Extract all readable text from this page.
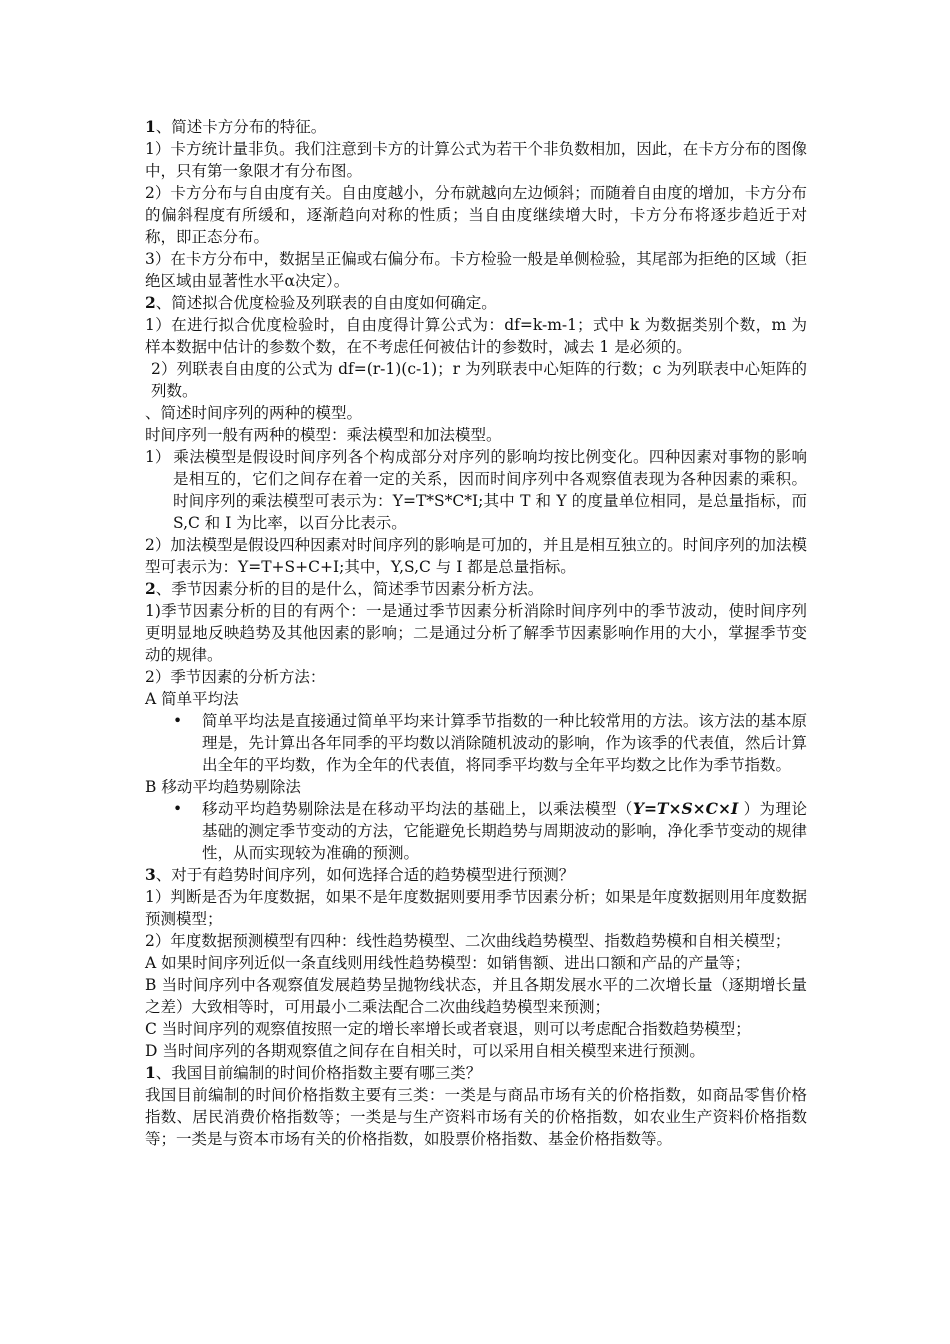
1、简述卡方分布的特征。

1）卡方统计量非负。我们注意到卡方的计算公式为若干个非负数相加，因此，在卡方分布的图像中，只有第一象限才有分布图。

2）卡方分布与自由度有关。自由度越小，分布就越向左边倾斜；而随着自由度的增加，卡方分布的偏斜程度有所缓和，逐渐趋向对称的性质；当自由度继续增大时，卡方分布将逐步趋近于对称，即正态分布。

3）在卡方分布中，数据呈正偏或右偏分布。卡方检验一般是单侧检验，其尾部为拒绝的区域（拒绝区域由显著性水平α决定）。

2、简述拟合优度检验及列联表的自由度如何确定。

1）在进行拟合优度检验时，自由度得计算公式为：df=k-m-1；式中 k 为数据类别个数，m 为样本数据中估计的参数个数，在不考虑任何被估计的参数时，减去 1 是必须的。

2）列联表自由度的公式为 df=(r-1)(c-1)；r 为列联表中心矩阵的行数；c 为列联表中心矩阵的列数。

、简述时间序列的两种的模型。

时间序列一般有两种的模型：乘法模型和加法模型。

1） 乘法模型是假设时间序列各个构成部分对序列的影响均按比例变化。四种因素对事物的影响是相互的，它们之间存在着一定的关系，因而时间序列中各观察值表现为各种因素的乘积。时间序列的乘法模型可表示为：Y=T*S*C*I;其中 T 和 Y 的度量单位相同，是总量指标，而 S,C 和 I 为比率，以百分比表示。

2）加法模型是假设四种因素对时间序列的影响是可加的，并且是相互独立的。时间序列的加法模型可表示为：Y=T+S+C+I;其中，Y,S,C 与 I 都是总量指标。

2、季节因素分析的目的是什么，简述季节因素分析方法。

1)季节因素分析的目的有两个：一是通过季节因素分析消除时间序列中的季节波动，使时间序列更明显地反映趋势及其他因素的影响；二是通过分析了解季节因素影响作用的大小，掌握季节变动的规律。

2）季节因素的分析方法：

A 简单平均法

• 简单平均法是直接通过简单平均来计算季节指数的一种比较常用的方法。该方法的基本原理是，先计算出各年同季的平均数以消除随机波动的影响，作为该季的代表值，然后计算出全年的平均数，作为全年的代表值，将同季平均数与全年平均数之比作为季节指数。

B 移动平均趋势剔除法

• 移动平均趋势剔除法是在移动平均法的基础上，以乘法模型（Y=T×S×C×I ）为理论基础的测定季节变动的方法，它能避免长期趋势与周期波动的影响，净化季节变动的规律性，从而实现较为准确的预测。

3、对于有趋势时间序列，如何选择合适的趋势模型进行预测？

1）判断是否为年度数据，如果不是年度数据则要用季节因素分析；如果是年度数据则用年度数据预测模型；

2）年度数据预测模型有四种：线性趋势模型、二次曲线趋势模型、指数趋势模和自相关模型；

A 如果时间序列近似一条直线则用线性趋势模型：如销售额、进出口额和产品的产量等；

B 当时间序列中各观察值发展趋势呈抛物线状态，并且各期发展水平的二次增长量（逐期增长量之差）大致相等时，可用最小二乘法配合二次曲线趋势模型来预测；

C 当时间序列的观察值按照一定的增长率增长或者衰退，则可以考虑配合指数趋势模型；

D 当时间序列的各期观察值之间存在自相关时，可以采用自相关模型来进行预测。

1、我国目前编制的时间价格指数主要有哪三类？

我国目前编制的时间价格指数主要有三类：一类是与商品市场有关的价格指数，如商品零售价格指数、居民消费价格指数等；一类是与生产资料市场有关的价格指数，如农业生产资料价格指数等；一类是与资本市场有关的价格指数，如股票价格指数、基金价格指数等。
